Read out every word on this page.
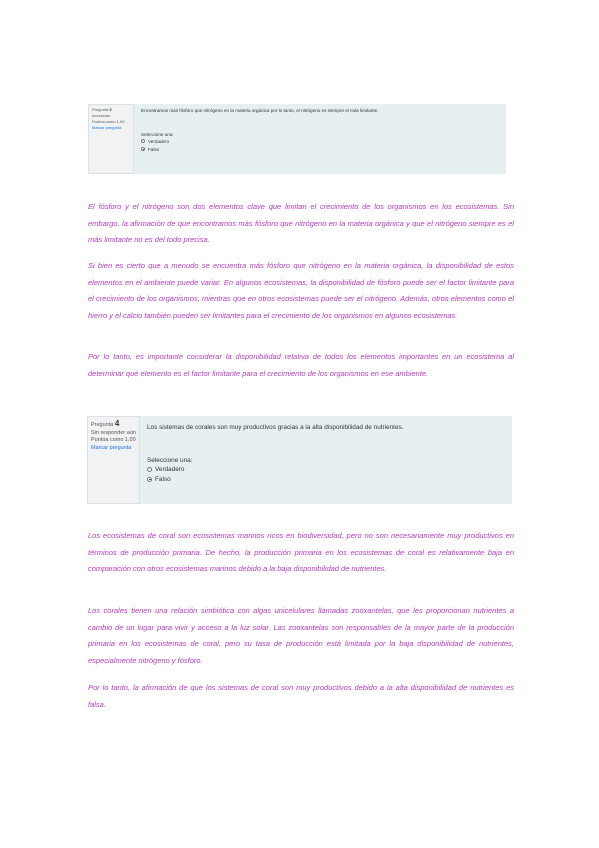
Pregunta 3
Incorrecta
Puntúa como 1,00
Marcar pregunta
Encontramos más fósforo que nitrógeno en la materia orgánica por lo tanto, el nitrógeno es siempre el más limitante.
Seleccione una:
Verdadero
Falso

El fósforo y el nitrógeno son dos elementos clave que limitan el crecimiento de los organismos en los ecosistemas. Sin embargo, la afirmación de que encontramos más fósforo que nitrógeno en la materia orgánica y que el nitrógeno siempre es el más limitante no es del todo precisa.

Si bien es cierto que a menudo se encuentra más fósforo que nitrógeno en la materia orgánica, la disponibilidad de estos elementos en el ambiente puede variar. En algunos ecosistemas, la disponibilidad de fósforo puede ser el factor limitante para el crecimiento de los organismos, mientras que en otros ecosistemas puede ser el nitrógeno. Además, otros elementos como el hierro y el calcio también pueden ser limitantes para el crecimiento de los organismos en algunos ecosistemas.

Por lo tanto, es importante considerar la disponibilidad relativa de todos los elementos importantes en un ecosistema al determinar qué elemento es el factor limitante para el crecimiento de los organismos en ese ambiente.

Pregunta 4
Sin responder aún
Puntúa como 1,00
Marcar pregunta
Los sistemas de corales son muy productivos gracias a la alta disponibilidad de nutrientes.
Seleccione una:
Verdadero
Falso

Los ecosistemas de coral son ecosistemas marinos ricos en biodiversidad, pero no son necesariamente muy productivos en términos de producción primaria. De hecho, la producción primaria en los ecosistemas de coral es relativamente baja en comparación con otros ecosistemas marinos debido a la baja disponibilidad de nutrientes.

Los corales tienen una relación simbiótica con algas unicelulares llamadas zooxantelas, que les proporcionan nutrientes a cambio de un lugar para vivir y acceso a la luz solar. Las zooxantelas son responsables de la mayor parte de la producción primaria en los ecosistemas de coral, pero su tasa de producción está limitada por la baja disponibilidad de nutrientes, especialmente nitrógeno y fósforo.

Por lo tanto, la afirmación de que los sistemas de coral son muy productivos debido a la alta disponibilidad de nutrientes es falsa.
